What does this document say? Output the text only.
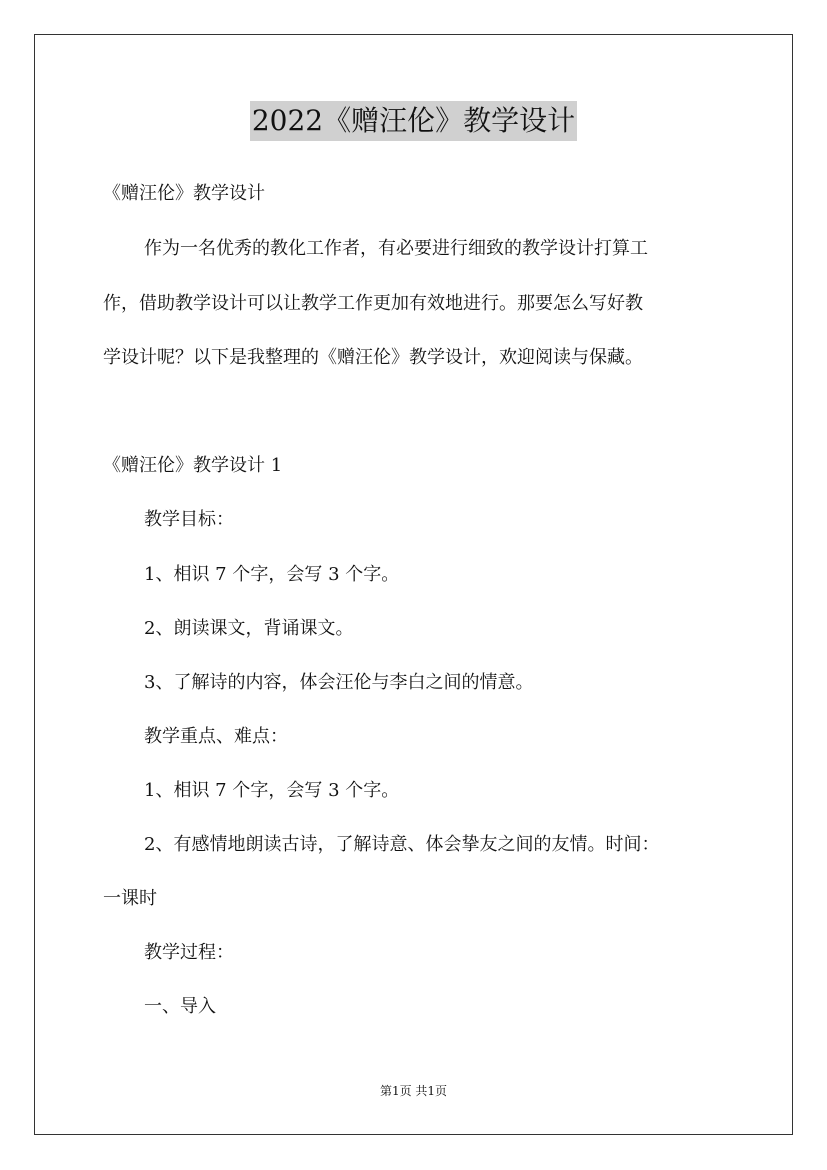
2022《赠汪伦》教学设计
《赠汪伦》教学设计
作为一名优秀的教化工作者，有必要进行细致的教学设计打算工
作，借助教学设计可以让教学工作更加有效地进行。那要怎么写好教
学设计呢？以下是我整理的《赠汪伦》教学设计，欢迎阅读与保藏。
《赠汪伦》教学设计 1
教学目标：
1、相识 7 个字，会写 3 个字。
2、朗读课文，背诵课文。
3、了解诗的内容，体会汪伦与李白之间的情意。
教学重点、难点：
1、相识 7 个字，会写 3 个字。
2、有感情地朗读古诗，了解诗意、体会挚友之间的友情。时间：
一课时
教学过程：
一、导入
第1页 共1页
